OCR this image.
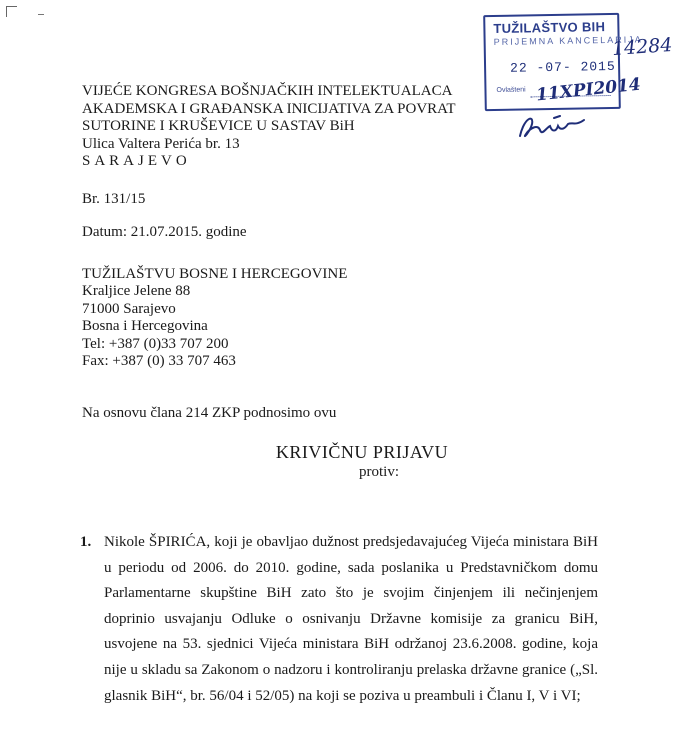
TUŽILAŠTVO BIH
PRIJEMNA KANCELARIJA
22 -07- 2015
Ovlašteni
14284
11XPI2014
VIJEĆE KONGRESA BOŠNJAČKIH INTELEKTUALACA
AKADEMSKA I GRAĐANSKA INICIJATIVA ZA POVRAT
SUTORINE I KRUŠEVICE U SASTAV BiH
Ulica Valtera Perića br. 13
SARAJEVO
Br. 131/15
Datum: 21.07.2015. godine
TUŽILAŠTVU BOSNE I HERCEGOVINE
Kraljice Jelene 88
71000 Sarajevo
Bosna i Hercegovina
Tel: +387 (0)33 707 200
Fax: +387 (0) 33 707 463
Na osnovu člana 214 ZKP podnosimo ovu
KRIVIČNU PRIJAVU
protiv:
1. Nikole ŠPIRIĆA, koji je obavljao dužnost predsjedavajućeg Vijeća ministara BiH u periodu od 2006. do 2010. godine, sada poslanika u Predstavničkom domu Parlamentarne skupštine BiH zato što je svojim činjenjem ili nečinjenjem doprinio usvajanju Odluke o osnivanju Državne komisije za granicu BiH, usvojene na 53. sjednici Vijeća ministara BiH održanoj 23.6.2008. godine, koja nije u skladu sa Zakonom o nadzoru i kontroliranju prelaska državne granice („Sl. glasnik BiH“, br. 56/04 i 52/05) na koji se poziva u preambuli i Članu I, V i VI;
